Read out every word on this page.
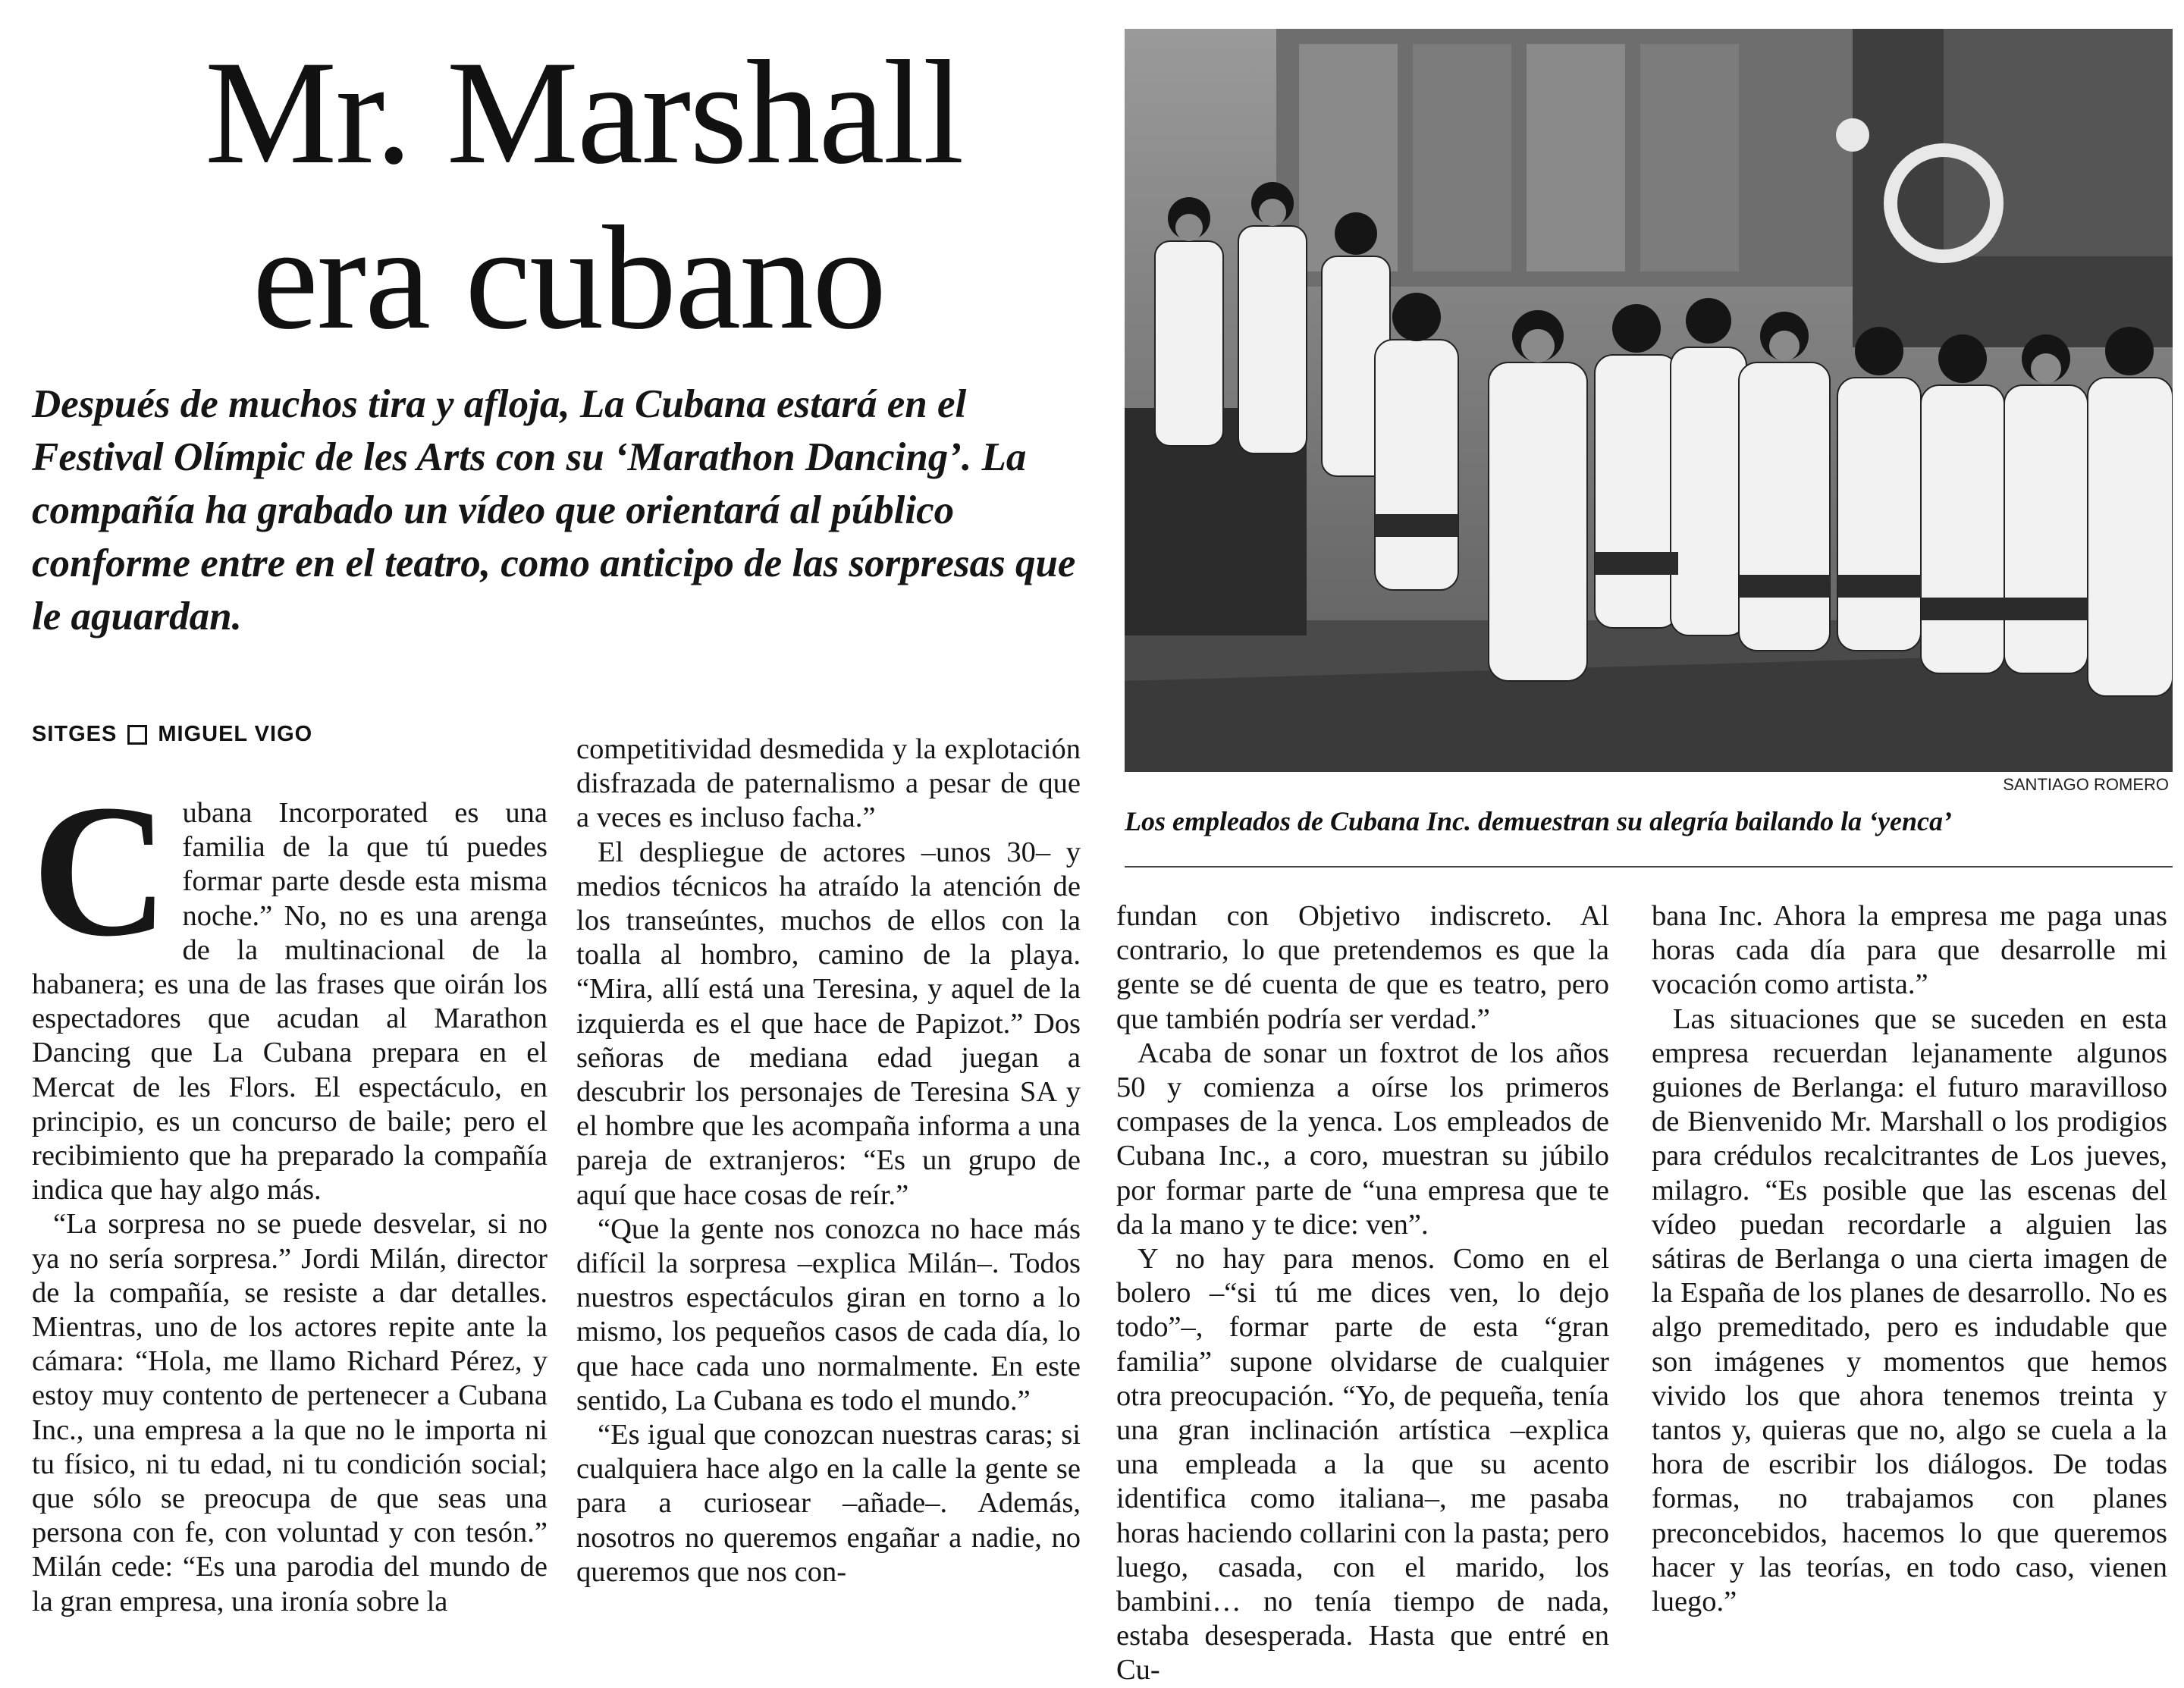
Mr. Marshall
era cubano
Después de muchos tira y afloja, La Cubana estará en el Festival Olímpic de les Arts con su ‘Marathon Dancing’. La compañía ha grabado un vídeo que orientará al público conforme entre en el teatro, como anticipo de las sorpresas que le aguardan.
SITGES MIGUEL VIGO
SANTIAGO ROMERO
Los empleados de Cubana Inc. demuestran su alegría bailando la ‘yenca’
C ubana Incorporated es una familia de la que tú puedes formar parte desde esta misma noche.” No, no es una arenga de la multinacional de la habanera; es una de las frases que oirán los espectadores que acudan al Marathon Dancing que La Cubana prepara en el Mercat de les Flors. El espectáculo, en principio, es un concurso de baile; pero el recibimiento que ha preparado la compañía indica que hay algo más.

“La sorpresa no se puede desvelar, si no ya no sería sorpresa.” Jordi Milán, director de la compañía, se resiste a dar detalles. Mientras, uno de los actores repite ante la cámara: “Hola, me llamo Richard Pérez, y estoy muy contento de pertenecer a Cubana Inc., una empresa a la que no le importa ni tu físico, ni tu edad, ni tu condición social; que sólo se preocupa de que seas una persona con fe, con voluntad y con tesón.” Milán cede: “Es una parodia del mundo de la gran empresa, una ironía sobre la

competitividad desmedida y la explotación disfrazada de paternalismo a pesar de que a veces es incluso facha.”

El despliegue de actores –unos 30– y medios técnicos ha atraído la atención de los transeúntes, muchos de ellos con la toalla al hombro, camino de la playa. “Mira, allí está una Teresina, y aquel de la izquierda es el que hace de Papizot.” Dos señoras de mediana edad juegan a descubrir los personajes de Teresina SA y el hombre que les acompaña informa a una pareja de extranjeros: “Es un grupo de aquí que hace cosas de reír.”

“Que la gente nos conozca no hace más difícil la sorpresa –explica Milán–. Todos nuestros espectáculos giran en torno a lo mismo, los pequeños casos de cada día, lo que hace cada uno normalmente. En este sentido, La Cubana es todo el mundo.”

“Es igual que conozcan nuestras caras; si cualquiera hace algo en la calle la gente se para a curiosear –añade–. Además, nosotros no queremos engañar a nadie, no queremos que nos con-

fundan con Objetivo indiscreto. Al contrario, lo que pretendemos es que la gente se dé cuenta de que es teatro, pero que también podría ser verdad.”

Acaba de sonar un foxtrot de los años 50 y comienza a oírse los primeros compases de la yenca. Los empleados de Cubana Inc., a coro, muestran su júbilo por formar parte de “una empresa que te da la mano y te dice: ven”.

Y no hay para menos. Como en el bolero –“si tú me dices ven, lo dejo todo”–, formar parte de esta “gran familia” supone olvidarse de cualquier otra preocupación. “Yo, de pequeña, tenía una gran inclinación artística –explica una empleada a la que su acento identifica como italiana–, me pasaba horas haciendo collarini con la pasta; pero luego, casada, con el marido, los bambini… no tenía tiempo de nada, estaba desesperada. Hasta que entré en Cu-

bana Inc. Ahora la empresa me paga unas horas cada día para que desarrolle mi vocación como artista.”

Las situaciones que se suceden en esta empresa recuerdan lejanamente algunos guiones de Berlanga: el futuro maravilloso de Bienvenido Mr. Marshall o los prodigios para crédulos recalcitrantes de Los jueves, milagro. “Es posible que las escenas del vídeo puedan recordarle a alguien las sátiras de Berlanga o una cierta imagen de la España de los planes de desarrollo. No es algo premeditado, pero es indudable que son imágenes y momentos que hemos vivido los que ahora tenemos treinta y tantos y, quieras que no, algo se cuela a la hora de escribir los diálogos. De todas formas, no trabajamos con planes preconcebidos, hacemos lo que queremos hacer y las teorías, en todo caso, vienen luego.”
